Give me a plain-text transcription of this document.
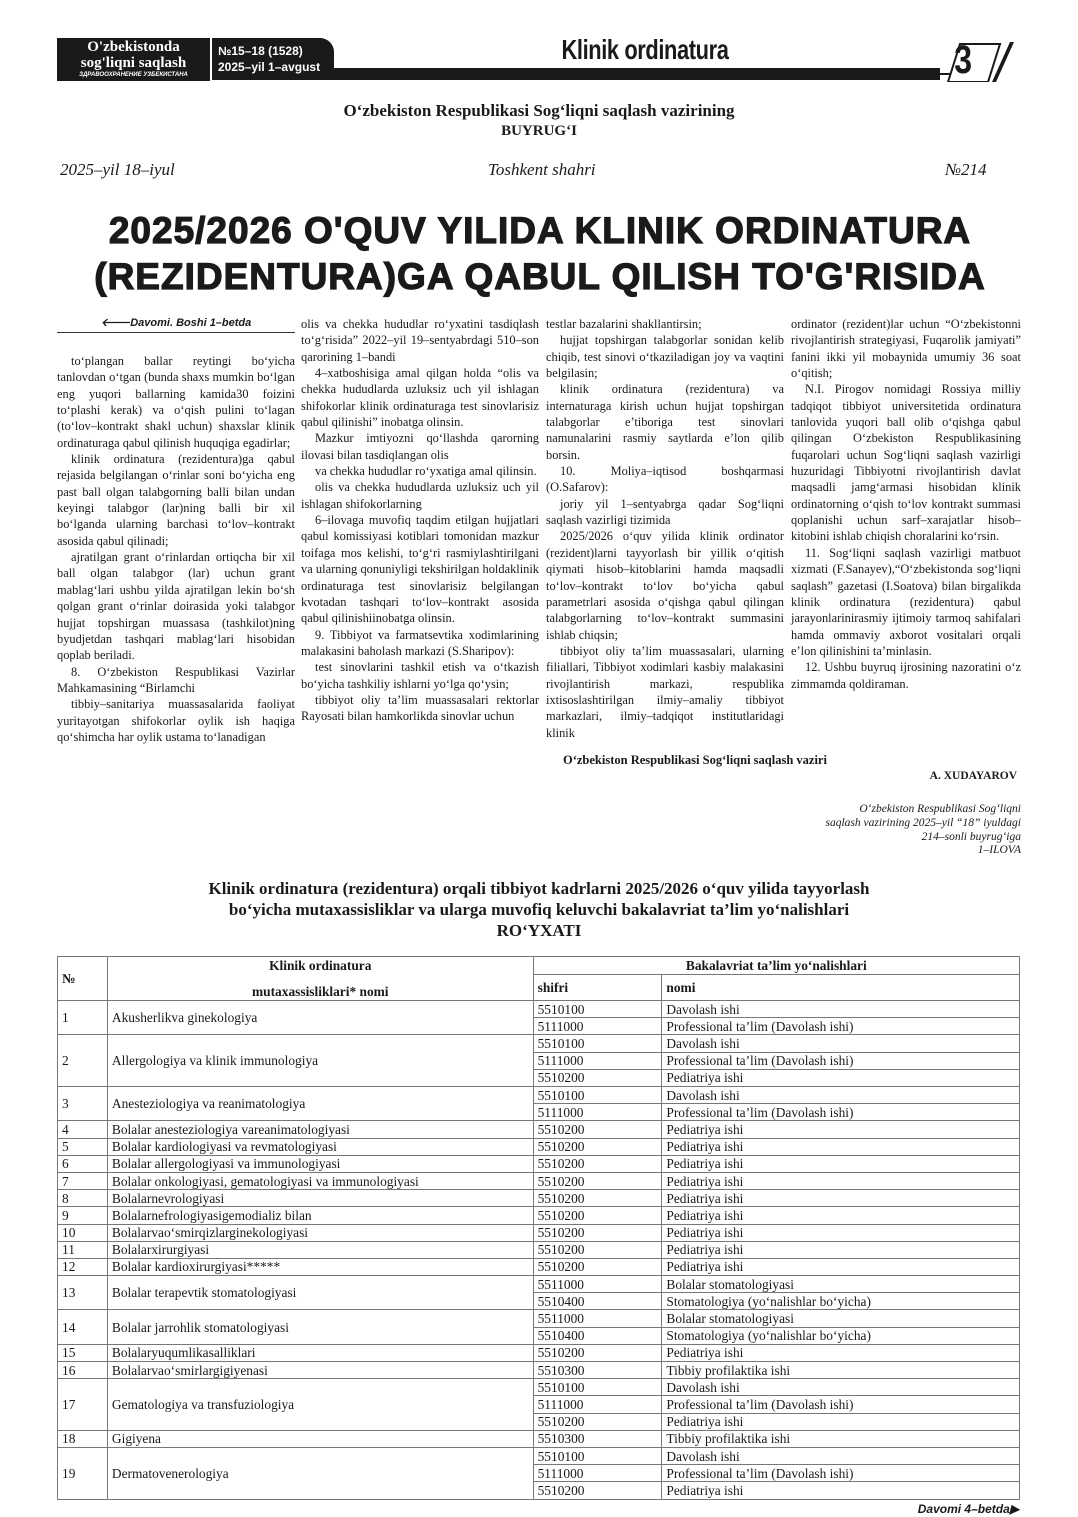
O'zbekistonda
sog'liqni saqlash
ЗДРАВООХРАНЕНИЕ УЗБЕКИСТАНА
№15–18 (1528)
2025–yil 1–avgust
Klinik ordinatura	3
O‘zbekiston Respublikasi Sog‘liqni saqlash vazirining
BUYRUG‘I
2025–yil 18–iyul	Toshkent shahri	№214
2025/2026 O'QUV YILIDA KLINIK ORDINATURA
(REZIDENTURA)GA QABUL QILISH TO'G'RISIDA
🡐Davomi. Boshi 1–betda

to‘plangan ballar reytingi bo‘yicha tanlovdan o‘tgan (bunda shaxs mumkin bo‘lgan eng yuqori ballarning kamida30 foizini to‘plashi kerak) va o‘qish pulini to‘lagan (to‘lov–kontrakt shakl uchun) shaxslar klinik ordinaturaga qabul qilinish huquqiga egadirlar;

klinik ordinatura (rezidentura)ga qabul rejasida belgilangan o‘rinlar soni bo‘yicha eng past ball olgan talabgorning balli bilan undan keyingi talabgor (lar)ning balli bir xil bo‘lganda ularning barchasi to‘lov–kontrakt asosida qabul qilinadi;

ajratilgan grant o‘rinlardan ortiqcha bir xil ball olgan talabgor (lar) uchun grant mablag‘lari ushbu yilda ajratilgan lekin bo‘sh qolgan grant o‘rinlar doirasida yoki talabgor hujjat topshirgan muassasa (tashkilot)ning byudjetdan tashqari mablag‘lari hisobidan qoplab beriladi.

8. O‘zbekiston Respublikasi Vazirlar Mahkamasining “Birlamchi

tibbiy–sanitariya muassasalarida faoliyat yuritayotgan shifokorlar oylik ish haqiga qo‘shimcha har oylik ustama to‘lanadigan

olis va chekka hududlar ro‘yxatini tasdiqlash to‘g‘risida” 2022–yil 19–sentyabrdagi 510–son qarorining 1–bandi

4–xatboshisiga amal qilgan holda “olis va chekka hududlarda uzluksiz uch yil ishlagan shifokorlar klinik ordinaturaga test sinovlarisiz qabul qilinishi” inobatga olinsin.

Mazkur imtiyozni qo‘llashda qarorning ilovasi bilan tasdiqlangan olis

va chekka hududlar ro‘yxatiga amal qilinsin.

olis va chekka hududlarda uzluksiz uch yil ishlagan shifokorlarning

6–ilovaga muvofiq taqdim etilgan hujjatlari qabul komissiyasi kotiblari tomonidan mazkur toifaga mos kelishi, to‘g‘ri rasmiylashtirilgani va ularning qonuniyligi tekshirilgan holdaklinik ordinaturaga test sinovlarisiz belgilangan kvotadan tashqari to‘lov–kontrakt asosida qabul qilinishiinobatga olinsin.

9. Tibbiyot va farmatsevtika xodimlarining malakasini baholash markazi (S.Sharipov):

test sinovlarini tashkil etish va o‘tkazish bo‘yicha tashkiliy ishlarni yo‘lga qo‘ysin;

tibbiyot oliy ta’lim muassasalari rektorlar Rayosati bilan hamkorlikda sinovlar uchun

testlar bazalarini shakllantirsin;

hujjat topshirgan talabgorlar sonidan kelib chiqib, test sinovi o‘tkaziladigan joy va vaqtini belgilasin;

klinik ordinatura (rezidentura) va internaturaga kirish uchun hujjat topshirgan talabgorlar e’tiboriga test sinovlari namunalarini rasmiy saytlarda e’lon qilib borsin.

10. Moliya–iqtisod boshqarmasi (O.Safarov):

joriy yil 1–sentyabrga qadar Sog‘liqni saqlash vazirligi tizimida

2025/2026 o‘quv yilida klinik ordinator (rezident)larni tayyorlash bir yillik o‘qitish qiymati hisob–kitoblarini hamda maqsadli to‘lov–kontrakt to‘lov bo‘yicha qabul parametrlari asosida o‘qishga qabul qilingan talabgorlarning to‘lov–kontrakt summasini ishlab chiqsin;

tibbiyot oliy ta’lim muassasalari, ularning filiallari, Tibbiyot xodimlari kasbiy malakasini rivojlantirish markazi, respublika ixtisoslashtirilgan ilmiy–amaliy tibbiyot markazlari, ilmiy–tadqiqot institutlaridagi klinik

ordinator (rezident)lar uchun “O‘zbekistonni rivojlantirish strategiyasi, Fuqarolik jamiyati” fanini ikki yil mobaynida umumiy 36 soat o‘qitish;

N.I. Pirogov nomidagi Rossiya milliy tadqiqot tibbiyot universitetida ordinatura tanlovida yuqori ball olib o‘qishga qabul qilingan O‘zbekiston Respublikasining fuqarolari uchun Sog‘liqni saqlash vazirligi huzuridagi Tibbiyotni rivojlantirish davlat maqsadli jamg‘armasi hisobidan klinik ordinatorning o‘qish to‘lov kontrakt summasi qoplanishi uchun sarf–xarajatlar hisob–kitobini ishlab chiqish choralarini ko‘rsin.

11. Sog‘liqni saqlash vazirligi matbuot xizmati (F.Sanayev),“O‘zbekistonda sog‘liqni saqlash” gazetasi (I.Soatova) bilan birgalikda klinik ordinatura (rezidentura) qabul jarayonlarinirasmiy ijtimoiy tarmoq sahifalari hamda ommaviy axborot vositalari orqali e’lon qilinishini ta’minlasin.

12. Ushbu buyruq ijrosining nazoratini o‘z zimmamda qoldiraman.

O‘zbekiston Respublikasi Sog‘liqni saqlash vaziri
A. XUDAYAROV
O‘zbekiston Respublikasi Sog‘liqni
saqlash vazirining 2025–yil “18” iyuldagi
214–sonli buyrug‘iga
1–ILOVA
Klinik ordinatura (rezidentura) orqali tibbiyot kadrlarni 2025/2026 o‘quv yilida tayyorlash
bo‘yicha mutaxassisliklar va ularga muvofiq keluvchi bakalavriat ta’lim yo‘nalishlari
RO‘YXATI
№	Klinik ordinatura	Bakalavriat ta’lim yo‘nalishlari	
	mutaxassisliklari* nomi	shifri	nomi
1	Akusherlikva ginekologiya	5510100	Davolash ishi
		5111000	Professional ta’lim (Davolash ishi)
2	Allergologiya va klinik immunologiya	5510100	Davolash ishi
		5111000	Professional ta’lim (Davolash ishi)
		5510200	Pediatriya ishi
3	Anesteziologiya va reanimatologiya	5510100	Davolash ishi
		5111000	Professional ta’lim (Davolash ishi)
4	Bolalar anesteziologiya vareanimatologiyasi	5510200	Pediatriya ishi
5	Bolalar kardiologiyasi va revmatologiyasi	5510200	Pediatriya ishi
6	Bolalar allergologiyasi va immunologiyasi	5510200	Pediatriya ishi
7	Bolalar onkologiyasi, gematologiyasi va immunologiyasi	5510200	Pediatriya ishi
8	Bolalarnevrologiyasi	5510200	Pediatriya ishi
9	Bolalarnefrologiyasigemodializ bilan	5510200	Pediatriya ishi
10	Bolalarvao‘smirqizlarginekologiyasi	5510200	Pediatriya ishi
11	Bolalarxirurgiyasi	5510200	Pediatriya ishi
12	Bolalar kardioxirurgiyasi*****	5510200	Pediatriya ishi
13	Bolalar terapevtik stomatologiyasi	5511000	Bolalar stomatologiyasi
		5510400	Stomatologiya (yo‘nalishlar bo‘yicha)
14	Bolalar jarrohlik stomatologiyasi	5511000	Bolalar stomatologiyasi
		5510400	Stomatologiya (yo‘nalishlar bo‘yicha)
15	Bolalaryuqumlikasalliklari	5510200	Pediatriya ishi
16	Bolalarvao‘smirlargigiyenasi	5510300	Tibbiy profilaktika ishi
17	Gematologiya va transfuziologiya	5510100	Davolash ishi
		5111000	Professional ta’lim (Davolash ishi)
		5510200	Pediatriya ishi
18	Gigiyena	5510300	Tibbiy profilaktika ishi
19	Dermatovenerologiya	5510100	Davolash ishi
		5111000	Professional ta’lim (Davolash ishi)
		5510200	Pediatriya ishi
Davomi 4–betda▶
